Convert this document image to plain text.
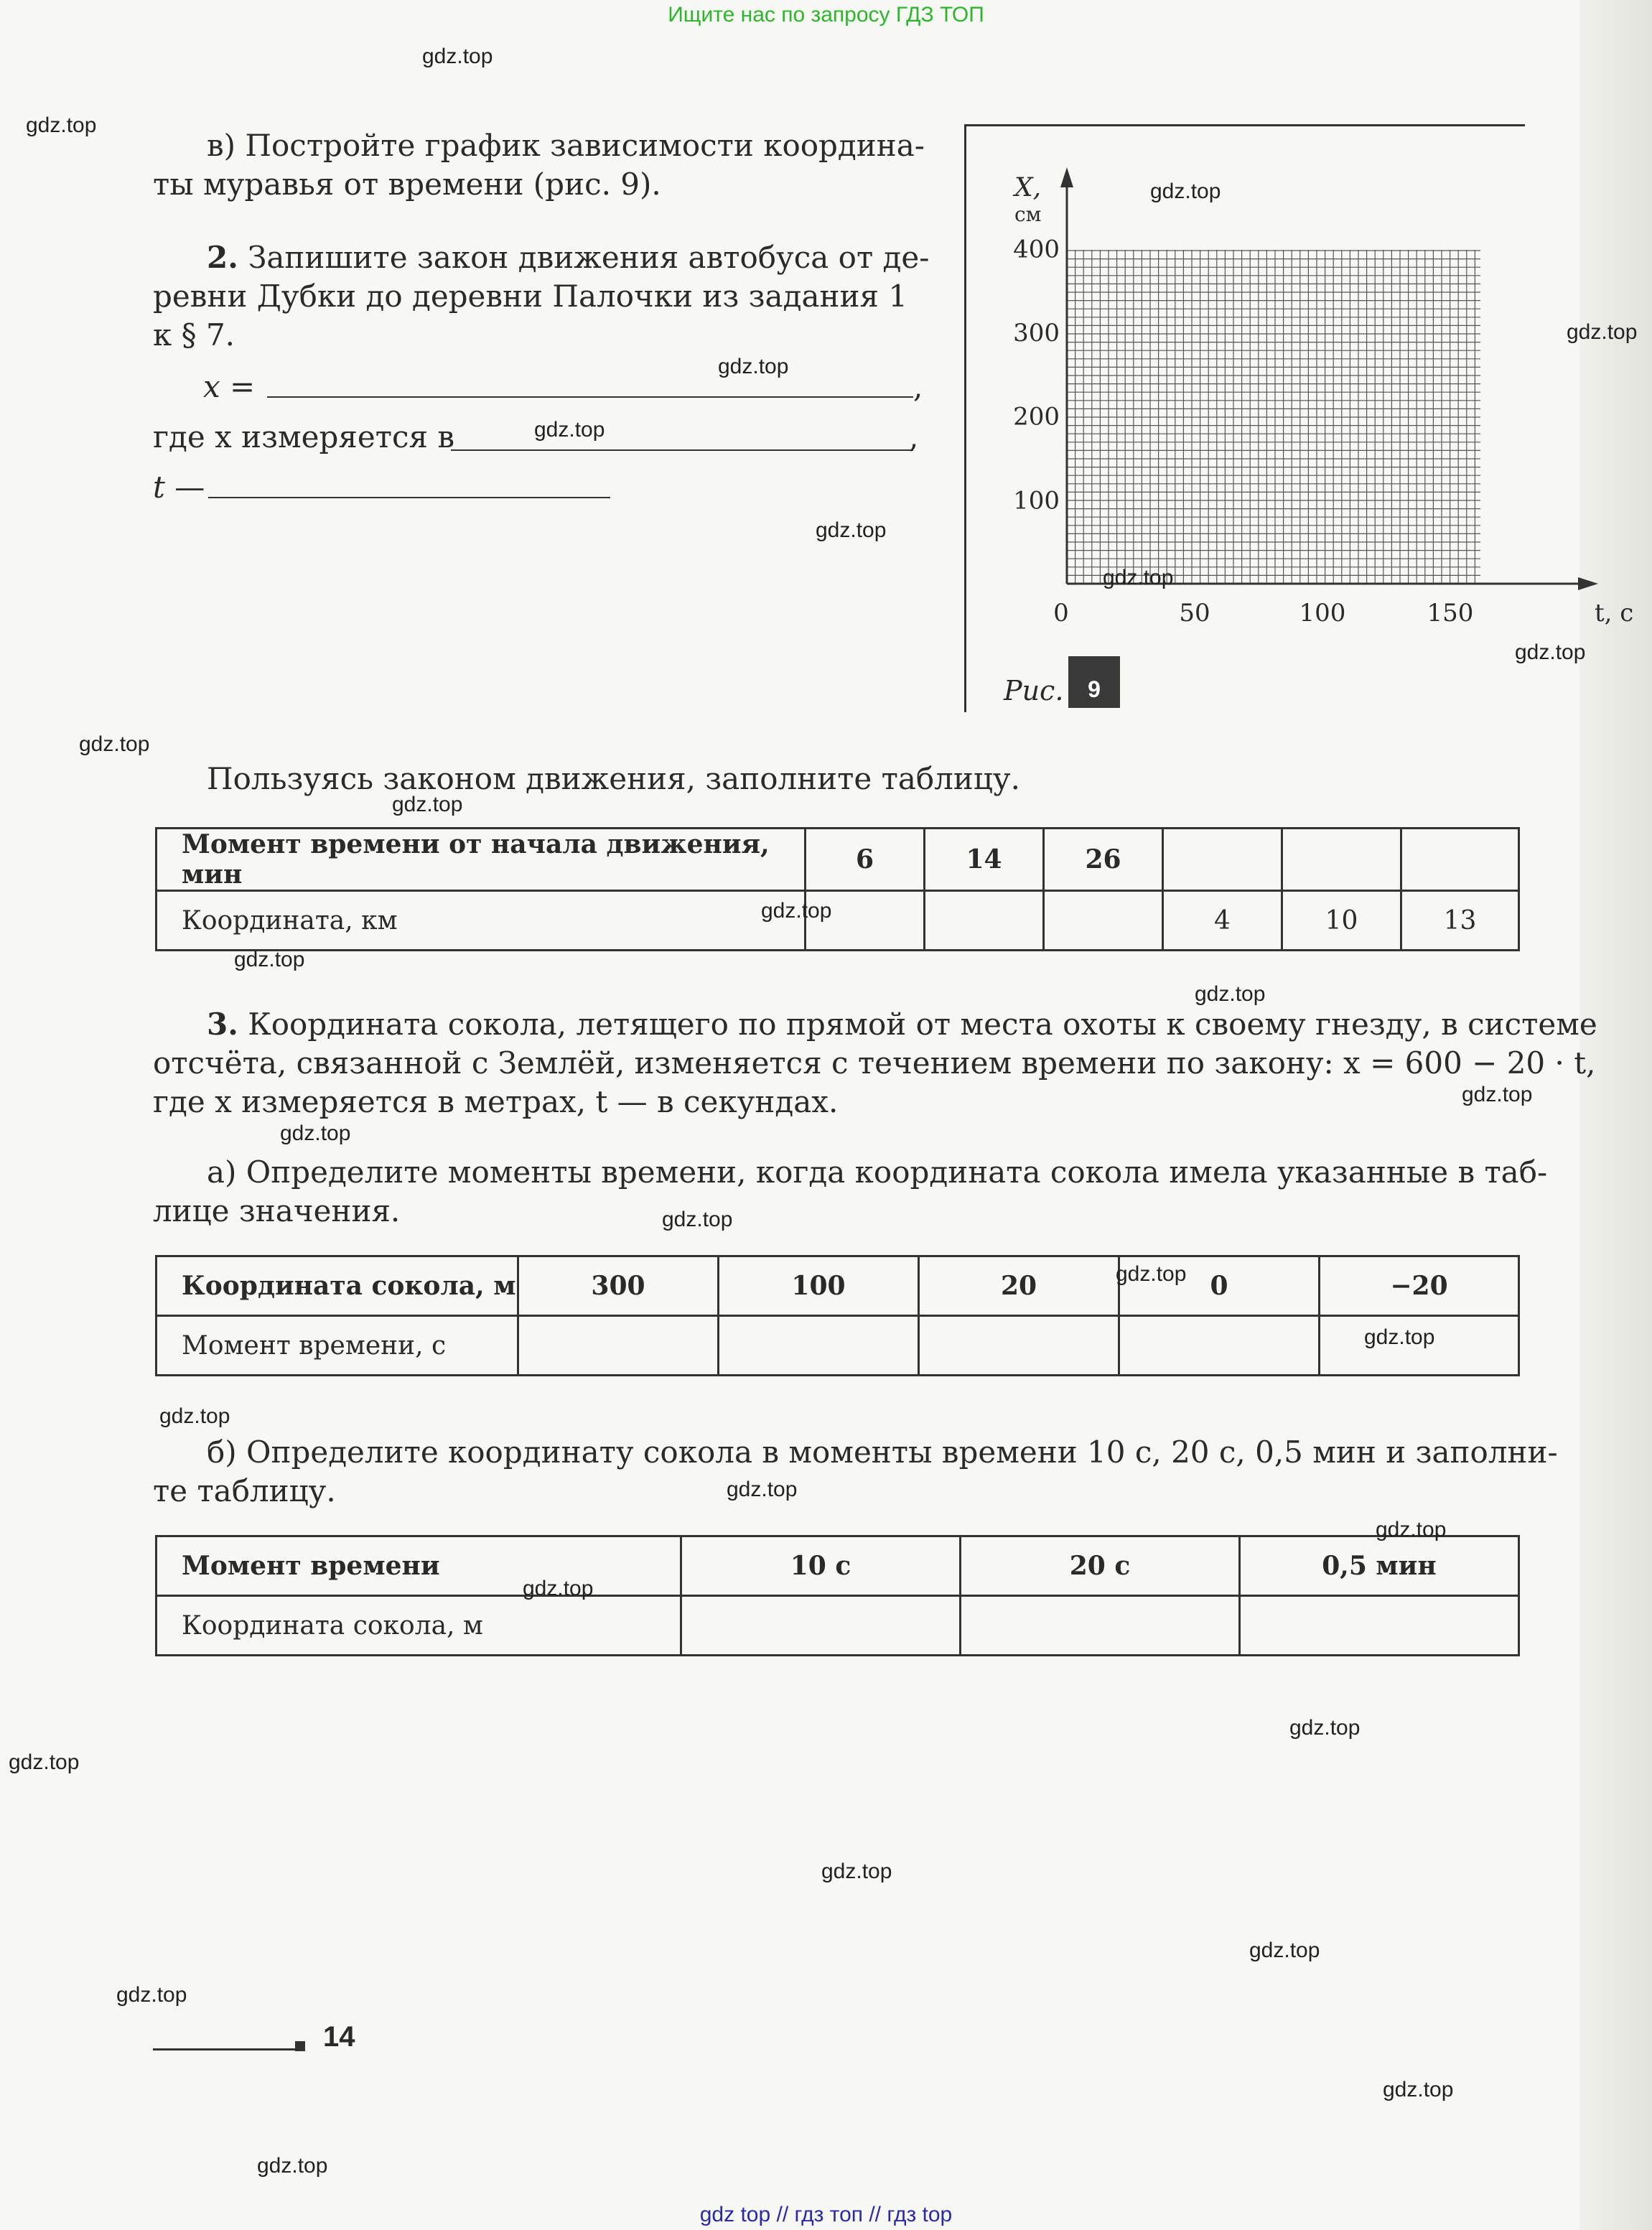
Ищите нас по запросу ГДЗ ТОП
в) Постройте график зависимости координа-
ты муравья от времени (рис. 9).
2. Запишите закон движения автобуса от де-
ревни Дубки до деревни Палочки из задания 1
к § 7.
x =	,
где x измеряется в	,
t —
0	50	100	150
100
200
300
400
t, с
X,
см
Рис.	9
Пользуясь законом движения, заполните таблицу.
Момент времени от начала движения, мин	6	14	26			
Координата, км				4	10	13
3. Координата сокола, летящего по прямой от места охоты к своему гнезду, в системе
отсчёта, связанной с Землёй, изменяется с течением времени по закону: x = 600 − 20 · t,
где x измеряется в метрах, t — в секундах.
а) Определите моменты времени, когда координата сокола имела указанные в таб-
лице значения.
Координата сокола, м	300	100	20	0	−20
Момент времени, с					
б) Определите координату сокола в моменты времени 10 с, 20 с, 0,5 мин и заполни-
те таблицу.
Момент времени	10 с	20 с	0,5 мин
Координата сокола, м			
14
gdz.top
gdz.top
gdz.top
gdz.top
gdz.top
gdz.top
gdz.top
gdz.top
gdz.top
gdz.top
gdz.top
gdz.top
gdz.top
gdz.top
gdz.top
gdz.top
gdz.top
gdz.top
gdz.top
gdz.top
gdz.top
gdz.top
gdz.top
gdz.top
gdz.top
gdz.top
gdz.top
gdz.top
gdz.top
gdz.top
gdz top // гдз топ // гдз top
